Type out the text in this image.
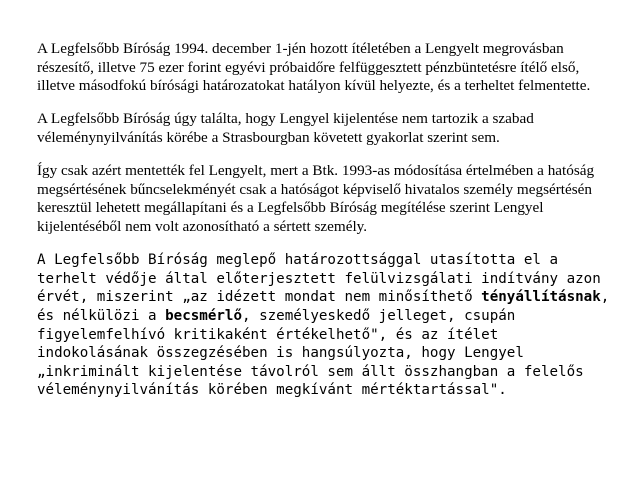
A Legfelsőbb Bíróság 1994. december 1-jén hozott ítéletében a Lengyelt megrovásban részesítő, illetve 75 ezer forint egyévi próbaidőre felfüggesztett pénzbüntetésre ítélő első, illetve másodfokú bírósági határozatokat hatályon kívül helyezte, és a terheltet felmentette.

A Legfelsőbb Bíróság úgy találta, hogy Lengyel kijelentése nem tartozik a szabad véleménynyilvánítás körébe a Strasbourgban követett gyakorlat szerint sem.

Így csak azért mentették fel Lengyelt, mert a Btk. 1993-as módosítása értelmében a hatóság megsértésének bűncselekményét csak a hatóságot képviselő hivatalos személy megsértésén keresztül lehetett megállapítani és a Legfelsőbb Bíróság megítélése szerint Lengyel kijelentéséből nem volt azonosítható a sértett személy.

A Legfelsőbb Bíróság meglepő határozottsággal utasította el a terhelt védője által előterjesztett felülvizsgálati indítvány azon érvét, miszerint „az idézett mondat nem minősíthető tényállításnak, és nélkülözi a becsmérlő, személyeskedő jelleget, csupán figyelemfelhívó kritikaként értékelhető", és az ítélet indokolásának összegzésében is hangsúlyozta, hogy Lengyel „inkriminált kijelentése távolról sem állt összhangban a felelős véleménynyilvánítás körében megkívánt mértéktartással".
